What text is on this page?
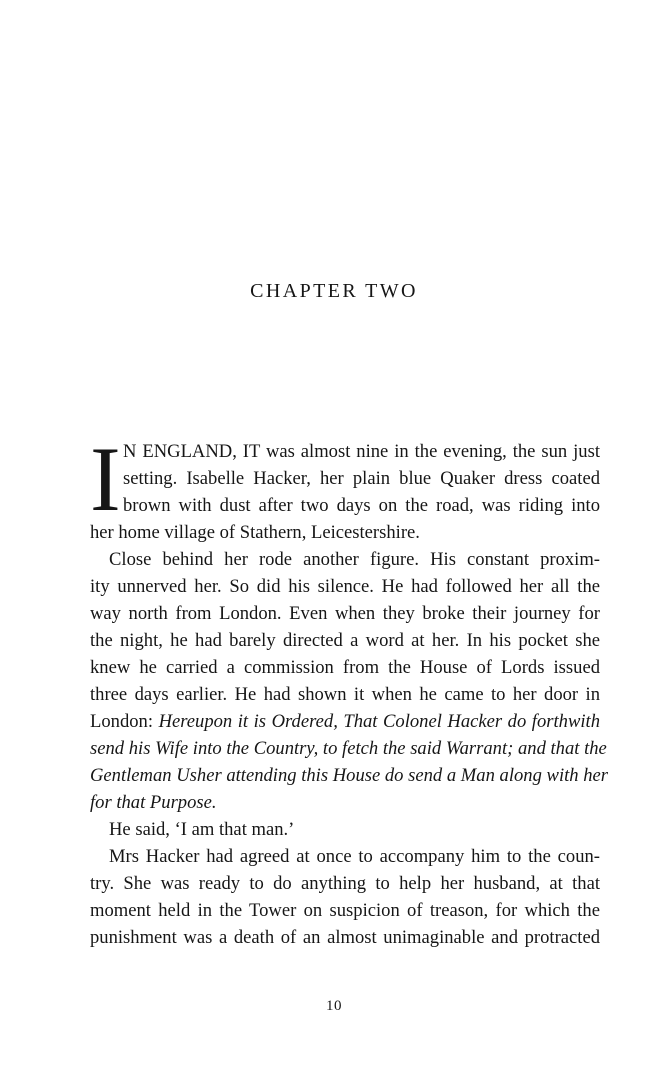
CHAPTER TWO
I N ENGLAND, IT was almost nine in the evening, the sun just
setting. Isabelle Hacker, her plain blue Quaker dress coated
brown with dust after two days on the road, was riding into
her home village of Stathern, Leicestershire.
Close behind her rode another figure. His constant proxim-
ity unnerved her. So did his silence. He had followed her all the
way north from London. Even when they broke their journey for
the night, he had barely directed a word at her. In his pocket she
knew he carried a commission from the House of Lords issued
three days earlier. He had shown it when he came to her door in
London: Hereupon it is Ordered, That Colonel Hacker do forthwith
send his Wife into the Country, to fetch the said Warrant; and that the
Gentleman Usher attending this House do send a Man along with her
for that Purpose.
He said, ‘I am that man.’
Mrs Hacker had agreed at once to accompany him to the coun-
try. She was ready to do anything to help her husband, at that
moment held in the Tower on suspicion of treason, for which the
punishment was a death of an almost unimaginable and protracted
10
